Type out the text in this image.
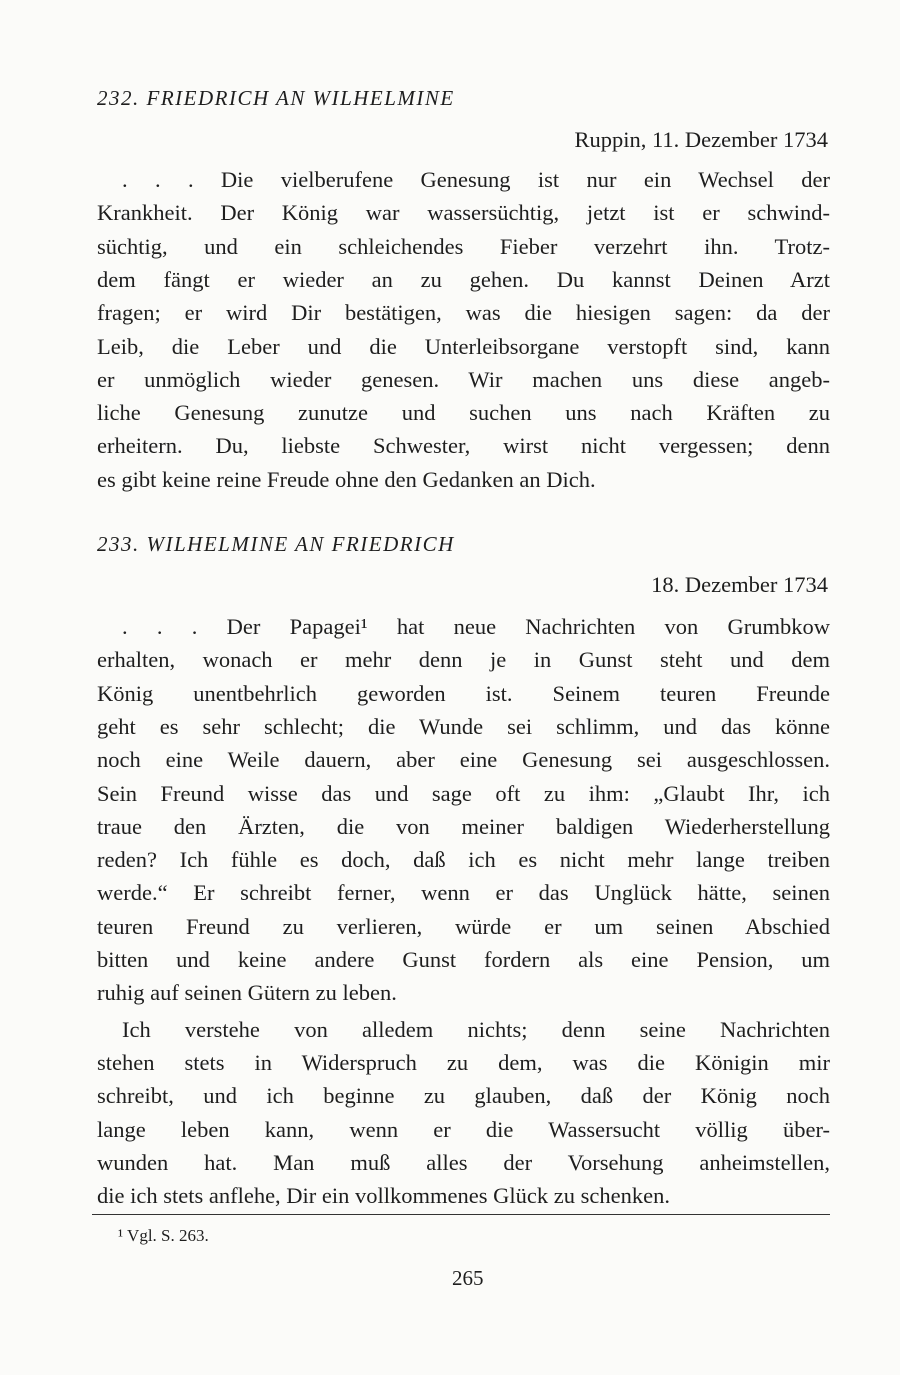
232. FRIEDRICH AN WILHELMINE
Ruppin, 11. Dezember 1734
. . . Die vielberufene Genesung ist nur ein Wechsel der
Krankheit. Der König war wassersüchtig, jetzt ist er schwind-
süchtig, und ein schleichendes Fieber verzehrt ihn. Trotz-
dem fängt er wieder an zu gehen. Du kannst Deinen Arzt
fragen; er wird Dir bestätigen, was die hiesigen sagen: da der
Leib, die Leber und die Unterleibsorgane verstopft sind, kann
er unmöglich wieder genesen. Wir machen uns diese angeb-
liche Genesung zunutze und suchen uns nach Kräften zu
erheitern. Du, liebste Schwester, wirst nicht vergessen; denn
es gibt keine reine Freude ohne den Gedanken an Dich.
233. WILHELMINE AN FRIEDRICH
18. Dezember 1734
. . . Der Papagei¹ hat neue Nachrichten von Grumbkow
erhalten, wonach er mehr denn je in Gunst steht und dem
König unentbehrlich geworden ist. Seinem teuren Freunde
geht es sehr schlecht; die Wunde sei schlimm, und das könne
noch eine Weile dauern, aber eine Genesung sei ausgeschlossen.
Sein Freund wisse das und sage oft zu ihm: „Glaubt Ihr, ich
traue den Ärzten, die von meiner baldigen Wiederherstellung
reden? Ich fühle es doch, daß ich es nicht mehr lange treiben
werde.“ Er schreibt ferner, wenn er das Unglück hätte, seinen
teuren Freund zu verlieren, würde er um seinen Abschied
bitten und keine andere Gunst fordern als eine Pension, um
ruhig auf seinen Gütern zu leben.
Ich verstehe von alledem nichts; denn seine Nachrichten
stehen stets in Widerspruch zu dem, was die Königin mir
schreibt, und ich beginne zu glauben, daß der König noch
lange leben kann, wenn er die Wassersucht völlig über-
wunden hat. Man muß alles der Vorsehung anheimstellen,
die ich stets anflehe, Dir ein vollkommenes Glück zu schenken.
¹ Vgl. S. 263.
265
